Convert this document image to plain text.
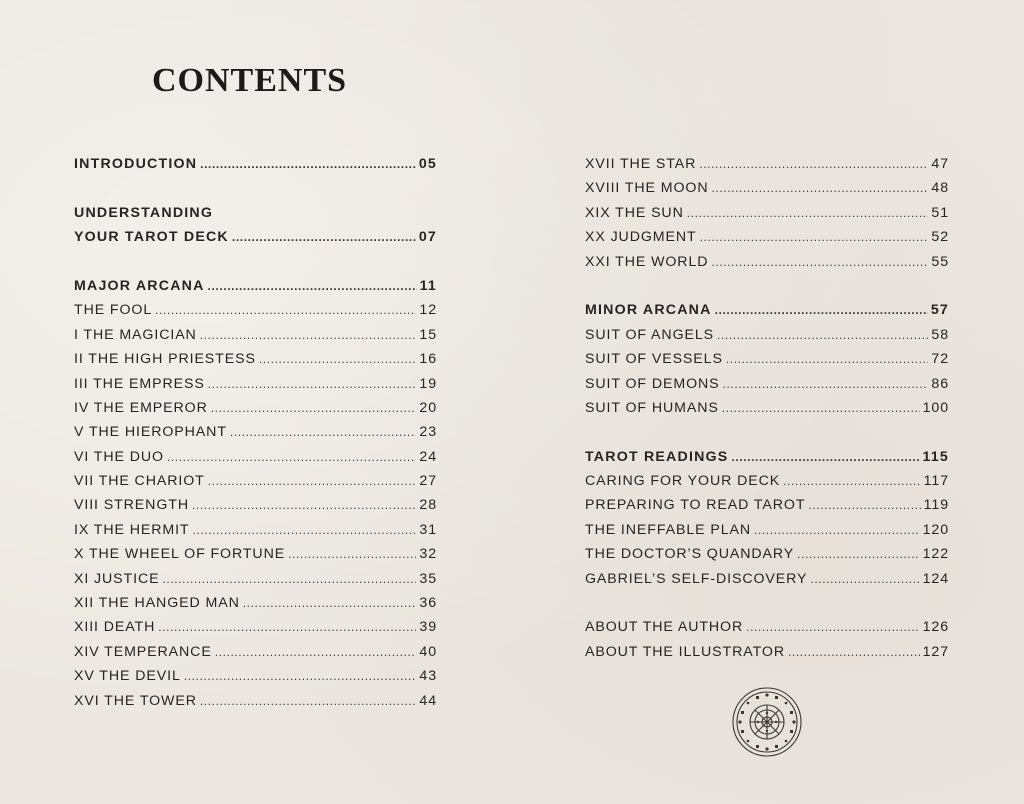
CONTENTS
INTRODUCTION .....	05
UNDERSTANDING
YOUR TAROT DECK .....	07
MAJOR ARCANA .....	11
THE FOOL .....	12
I THE MAGICIAN .....	15
II THE HIGH PRIESTESS .....	16
III THE EMPRESS .....	19
IV THE EMPEROR .....	20
V THE HIEROPHANT .....	23
VI THE DUO .....	24
VII THE CHARIOT .....	27
VIII STRENGTH .....	28
IX THE HERMIT .....	31
X THE WHEEL OF FORTUNE .....	32
XI JUSTICE .....	35
XII THE HANGED MAN .....	36
XIII DEATH .....	39
XIV TEMPERANCE .....	40
XV THE DEVIL .....	43
XVI THE TOWER .....	44
XVII THE STAR .....	47
XVIII THE MOON .....	48
XIX THE SUN .....	51
XX JUDGMENT .....	52
XXI THE WORLD .....	55
MINOR ARCANA .....	57
SUIT OF ANGELS .....	58
SUIT OF VESSELS .....	72
SUIT OF DEMONS .....	86
SUIT OF HUMANS .....	100
TAROT READINGS .....	115
CARING FOR YOUR DECK .....	117
PREPARING TO READ TAROT .....	119
THE INEFFABLE PLAN .....	120
THE DOCTOR’S QUANDARY .....	122
GABRIEL’S SELF-DISCOVERY .....	124
ABOUT THE AUTHOR .....	126
ABOUT THE ILLUSTRATOR .....	127
